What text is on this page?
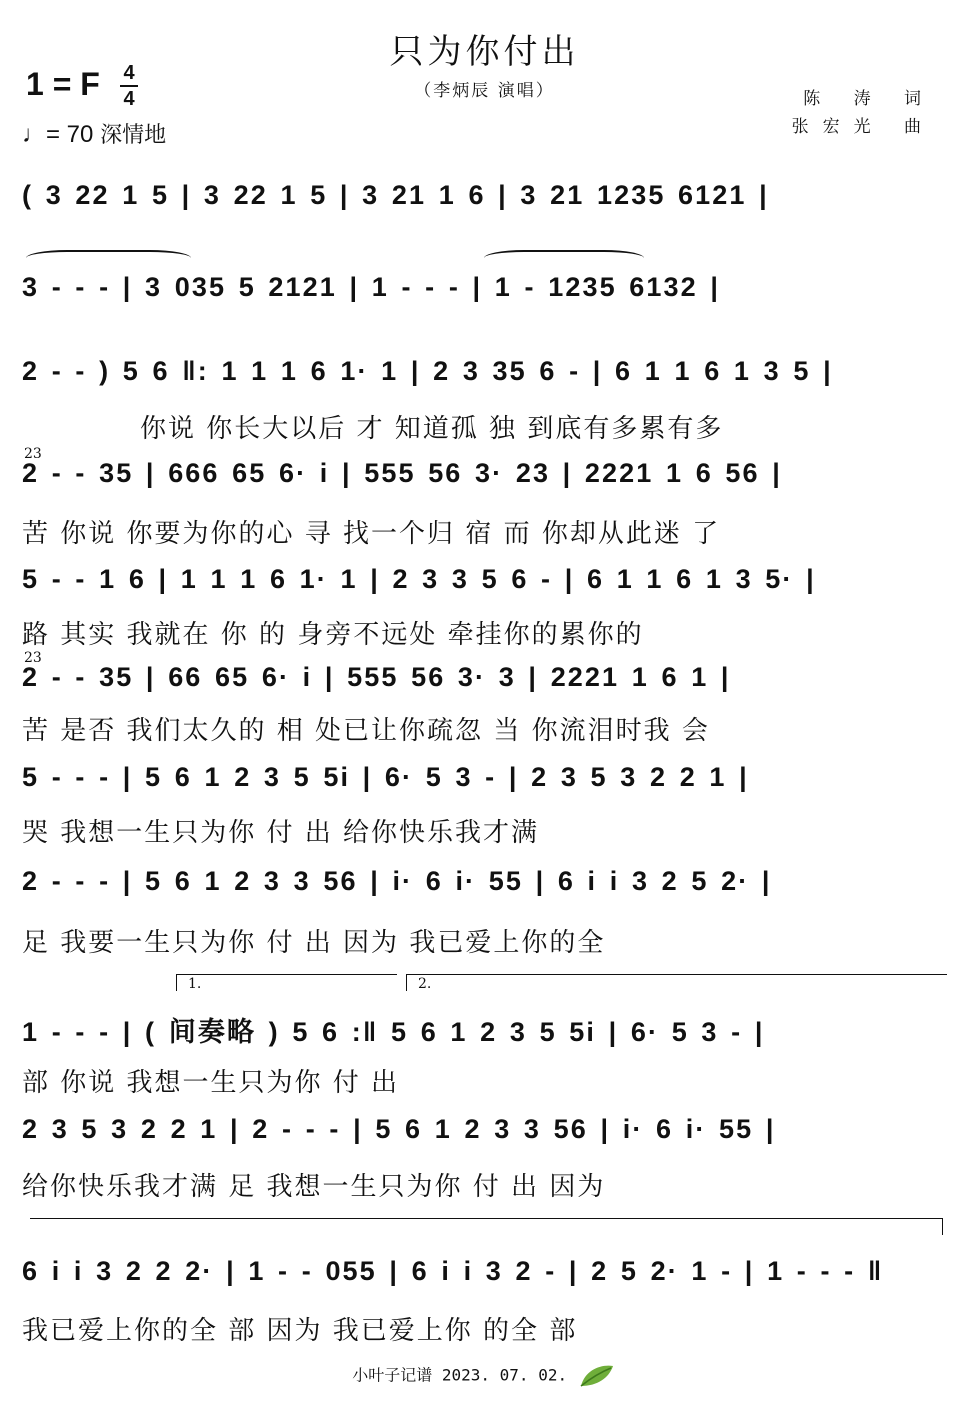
只为你付出
（李炳辰 演唱）	陈 涛 词
张宏光 曲
1 = F 4
4
♩= 70 深情地
( 3 22 1 5 | 3 22 1 5 | 3 21 1 6 | 3 21 1235 6121 |
3 - - - | 3 035 5 2121 | 1 - - - | 1 - 1235 6132 |
2 - - ) 5 6 ‖: 1 1 1 6 1· 1 | 2 3 35 6 - | 6 1 1 6 1 3 5 |
你说 你长大以后 才 知道孤 独 到底有多累有多
23
2 - - 35 | 666 65 6· i | 555 56 3· 23 | 2221 1 6 56 |
苦 你说 你要为你的心 寻 找一个归 宿 而 你却从此迷 了
5 - - 1 6 | 1 1 1 6 1· 1 | 2 3 3 5 6 - | 6 1 1 6 1 3 5· |
路 其实 我就在 你 的 身旁不远处 牵挂你的累你的
23
2 - - 35 | 66 65 6· i | 555 56 3· 3 | 2221 1 6 1 |
苦 是否 我们太久的 相 处已让你疏忽 当 你流泪时我 会
5 - - - | 5 6 1 2 3 5 5i | 6· 5 3 - | 2 3 5 3 2 2 1 |
哭 我想一生只为你 付 出 给你快乐我才满
2 - - - | 5 6 1 2 3 3 56 | i· 6 i· 55 | 6 i i 3 2 5 2· |
足 我要一生只为你 付 出 因为 我已爱上你的全
1.	2.
1 - - - | ( 间奏略 ) 5 6 :‖ 5 6 1 2 3 5 5i | 6· 5 3 - |
部 你说 我想一生只为你 付 出
2 3 5 3 2 2 1 | 2 - - - | 5 6 1 2 3 3 56 | i· 6 i· 55 |
给你快乐我才满 足 我想一生只为你 付 出 因为
6 i i 3 2 2 2· | 1 - - 055 | 6 i i 3 2 - | 2 5 2· 1 - | 1 - - - ‖
我已爱上你的全 部 因为 我已爱上你 的全 部
小叶子记谱 2023. 07. 02.
